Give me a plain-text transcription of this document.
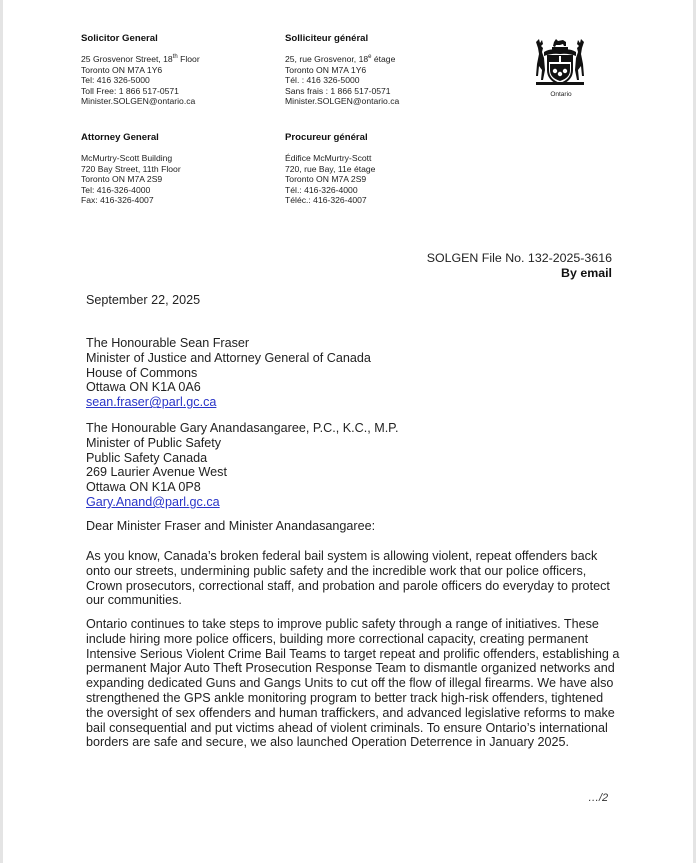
Solicitor General
25 Grosvenor Street, 18th Floor
Toronto ON M7A 1Y6
Tel: 416 326-5000
Toll Free: 1 866 517-0571
Minister.SOLGEN@ontario.ca
Solliciteur général
25, rue Grosvenor, 18e étage
Toronto ON M7A 1Y6
Tél. : 416 326-5000
Sans frais : 1 866 517-0571
Minister.SOLGEN@ontario.ca
Attorney General
McMurtry-Scott Building
720 Bay Street, 11th Floor
Toronto ON M7A 2S9
Tel: 416-326-4000
Fax: 416-326-4007
Procureur général
Édifice McMurtry-Scott
720, rue Bay, 11e étage
Toronto ON M7A 2S9
Tél.: 416-326-4000
Téléc.: 416-326-4007
Ontario
SOLGEN File No. 132-2025-3616
By email
September 22, 2025
The Honourable Sean Fraser
Minister of Justice and Attorney General of Canada
House of Commons
Ottawa ON K1A 0A6
sean.fraser@parl.gc.ca
The Honourable Gary Anandasangaree, P.C., K.C., M.P.
Minister of Public Safety
Public Safety Canada
269 Laurier Avenue West
Ottawa ON K1A 0P8
Gary.Anand@parl.gc.ca
Dear Minister Fraser and Minister Anandasangaree:
As you know, Canada’s broken federal bail system is allowing violent, repeat offenders back
onto our streets, undermining public safety and the incredible work that our police officers,
Crown prosecutors, correctional staff, and probation and parole officers do everyday to protect
our communities.
Ontario continues to take steps to improve public safety through a range of initiatives. These
include hiring more police officers, building more correctional capacity, creating permanent
Intensive Serious Violent Crime Bail Teams to target repeat and prolific offenders, establishing a
permanent Major Auto Theft Prosecution Response Team to dismantle organized networks and
expanding dedicated Guns and Gangs Units to cut off the flow of illegal firearms. We have also
strengthened the GPS ankle monitoring program to better track high-risk offenders, tightened
the oversight of sex offenders and human traffickers, and advanced legislative reforms to make
bail consequential and put victims ahead of violent criminals. To ensure Ontario’s international
borders are safe and secure, we also launched Operation Deterrence in January 2025.
…/2
